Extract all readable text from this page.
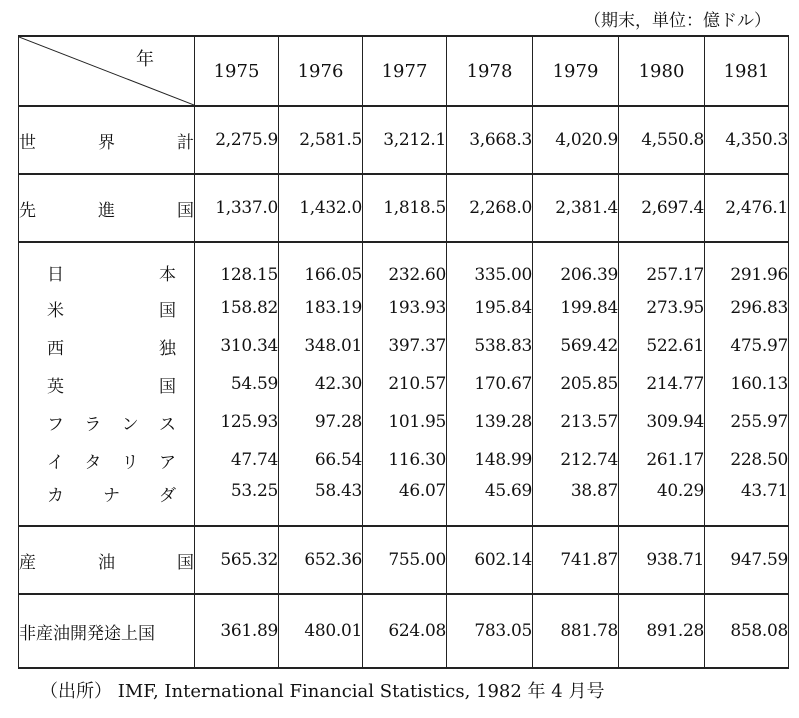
（期末，単位：億ドル）
年	1975	1976	1977	1978	1979	1980	1981

世 界 計	2,275.9	2,581.5	3,212.1	3,668.3	4,020.9	4,550.8	4,350.3

先 進 国	1,337.0	1,432.0	1,818.5	2,268.0	2,381.4	2,697.4	2,476.1

日 本	128.15	166.05	232.60	335.00	206.39	257.17	291.96

米 国	158.82	183.19	193.93	195.84	199.84	273.95	296.83

西 独	310.34	348.01	397.37	538.83	569.42	522.61	475.97

英 国	54.59	42.30	210.57	170.67	205.85	214.77	160.13

フ ラ ン ス	125.93	97.28	101.95	139.28	213.57	309.94	255.97

イ タ リ ア	47.74	66.54	116.30	148.99	212.74	261.17	228.50

カ ナ ダ	53.25	58.43	46.07	45.69	38.87	40.29	43.71

産 油 国	565.32	652.36	755.00	602.14	741.87	938.71	947.59
非産油開発途上国	361.89	480.01	624.08	783.05	881.78	891.28	858.08
（出所） IMF, International Financial Statistics, 1982 年 4 月号
